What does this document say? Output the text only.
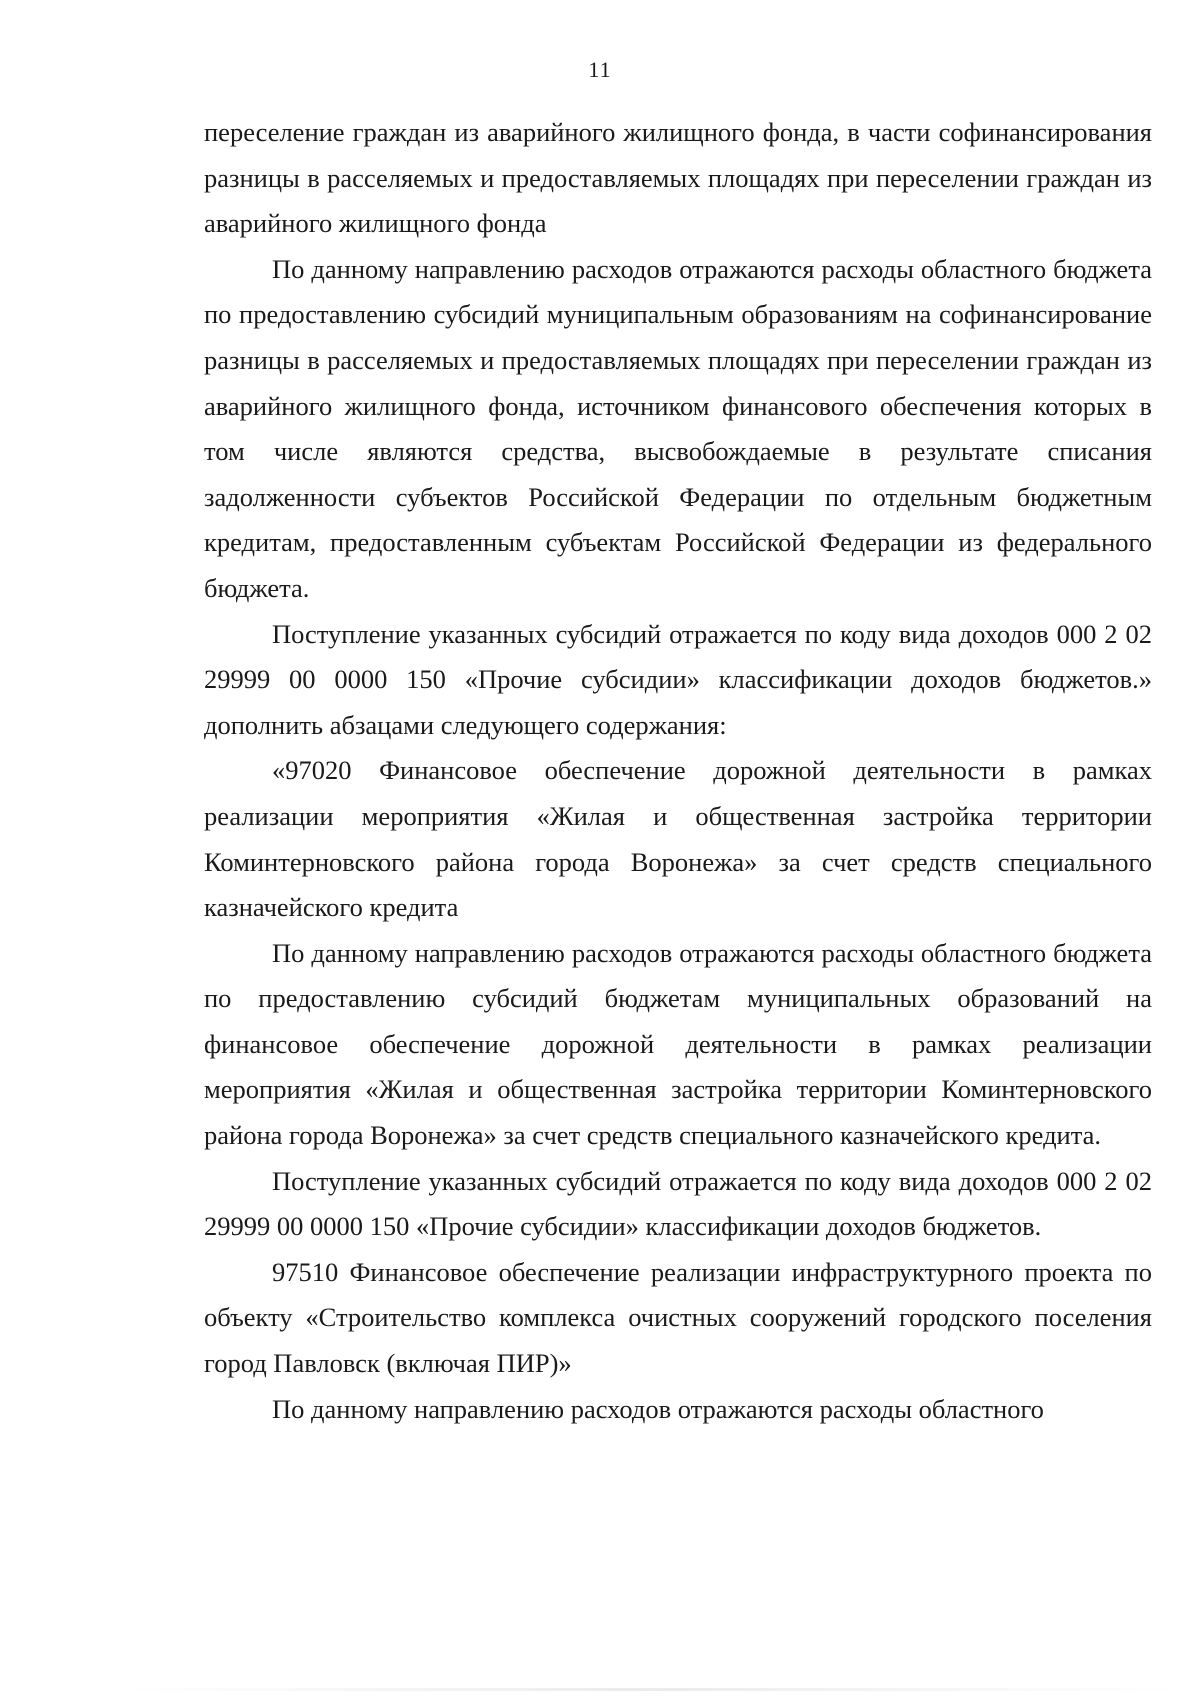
11

переселение граждан из аварийного жилищного фонда, в части софинансирования разницы в расселяемых и предоставляемых площадях при переселении граждан из аварийного жилищного фонда

По данному направлению расходов отражаются расходы областного бюджета по предоставлению субсидий муниципальным образованиям на софинансирование разницы в расселяемых и предоставляемых площадях при переселении граждан из аварийного жилищного фонда, источником финансового обеспечения которых в том числе являются средства, высвобождаемые в результате списания задолженности субъектов Российской Федерации по отдельным бюджетным кредитам, предоставленным субъектам Российской Федерации из федерального бюджета.

Поступление указанных субсидий отражается по коду вида доходов 000 2 02 29999 00 0000 150 «Прочие субсидии» классификации доходов бюджетов.» дополнить абзацами следующего содержания:

«97020 Финансовое обеспечение дорожной деятельности в рамках реализации мероприятия «Жилая и общественная застройка территории Коминтерновского района города Воронежа» за счет средств специального казначейского кредита

По данному направлению расходов отражаются расходы областного бюджета по предоставлению субсидий бюджетам муниципальных образований на финансовое обеспечение дорожной деятельности в рамках реализации мероприятия «Жилая и общественная застройка территории Коминтерновского района города Воронежа» за счет средств специального казначейского кредита.

Поступление указанных субсидий отражается по коду вида доходов 000 2 02 29999 00 0000 150 «Прочие субсидии» классификации доходов бюджетов.

97510 Финансовое обеспечение реализации инфраструктурного проекта по объекту «Строительство комплекса очистных сооружений городского поселения город Павловск (включая ПИР)»

По данному направлению расходов отражаются расходы областного
